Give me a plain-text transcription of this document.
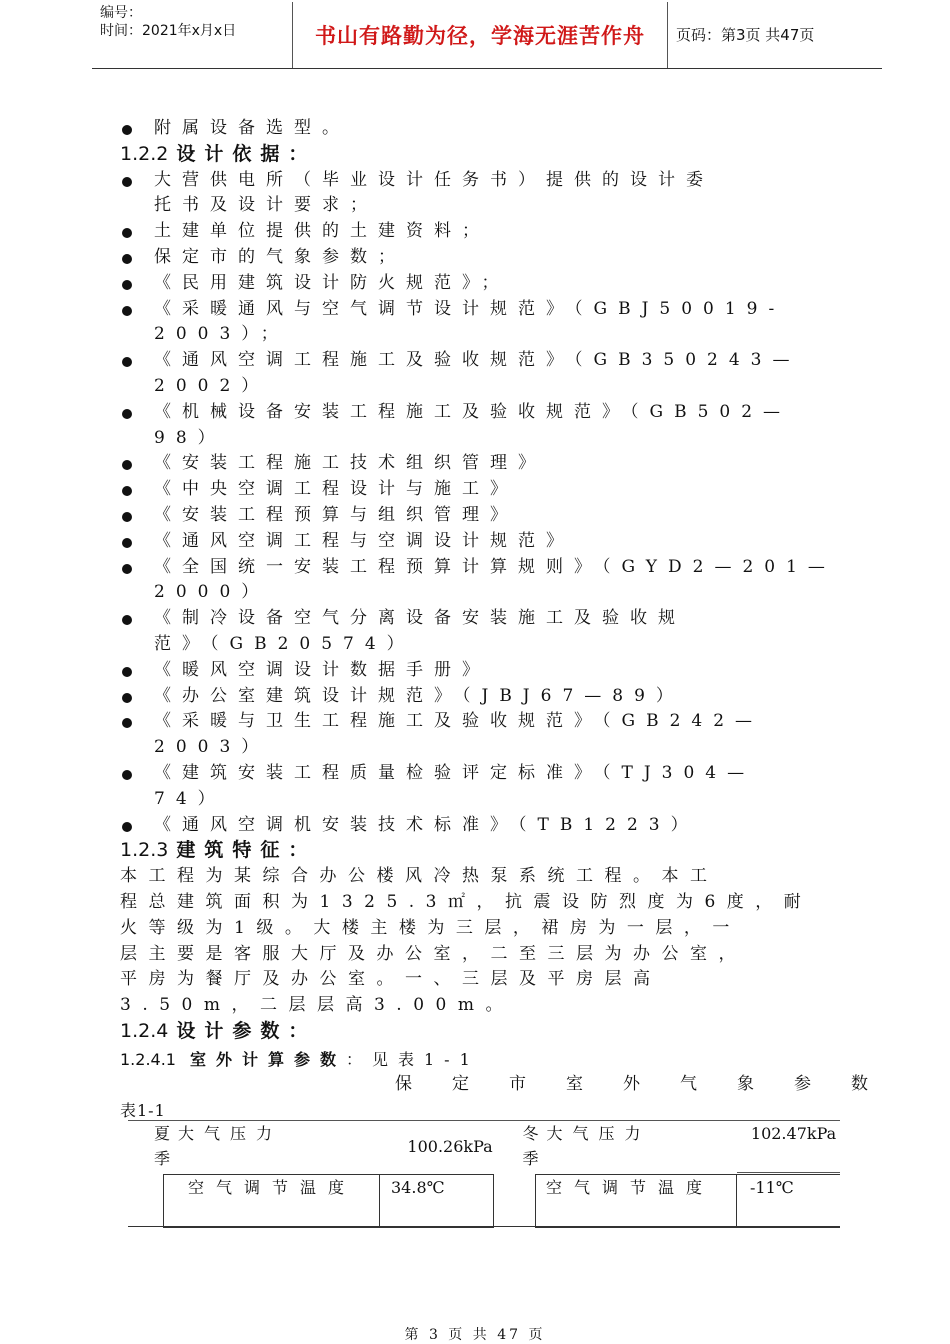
编号：
时间：2021年x月x日	书山有路勤为径，学海无涯苦作舟	页码：第3页 共47页
附属设备选型。
1.2.2 设计依据：
大营供电所（毕业设计任务书）提供的设计委
托书及设计要求；
土建单位提供的土建资料；
保定市的气象参数；
《民用建筑设计防火规范》；
《采暖通风与空气调节设计规范》（GBJ50019-
2003）；
《通风空调工程施工及验收规范》（GB350243—
2002）
《机械设备安装工程施工及验收规范》（GB502—
98）
《安装工程施工技术组织管理》
《中央空调工程设计与施工》
《安装工程预算与组织管理》
《通风空调工程与空调设计规范》
《全国统一安装工程预算计算规则》（GYD2—201—
2000）
《制冷设备空气分离设备安装施工及验收规
范》（GB20574）
《暖风空调设计数据手册》
《办公室建筑设计规范》（JBJ67—89）
《采暖与卫生工程施工及验收规范》（GB242—
2003）
《建筑安装工程质量检验评定标准》（TJ304—
74）
《通风空调机安装技术标准》（TB1223）
1.2.3 建筑特征：
本工程为某综合办公楼风冷热泵系统工程。本工
程总建筑面积为1325.3㎡，抗震设防烈度为6度，耐
火等级为1级。大楼主楼为三层，裙房为一层，一
层主要是客服大厅及办公室，二至三层为办公室，
平房为餐厅及办公室。一、三层及平房层高
3.50m，二层层高3.00m。
1.2.4 设计参数：
1.2.4.1 室外计算参数：见表1-1
保定市室外气象参数
表1-1
夏季大气压力	100.26kPa	冬季大气压力	102.47kPa
空气调节温度	34.8℃	空气调节温度	-11℃
第 3 页 共 47 页
